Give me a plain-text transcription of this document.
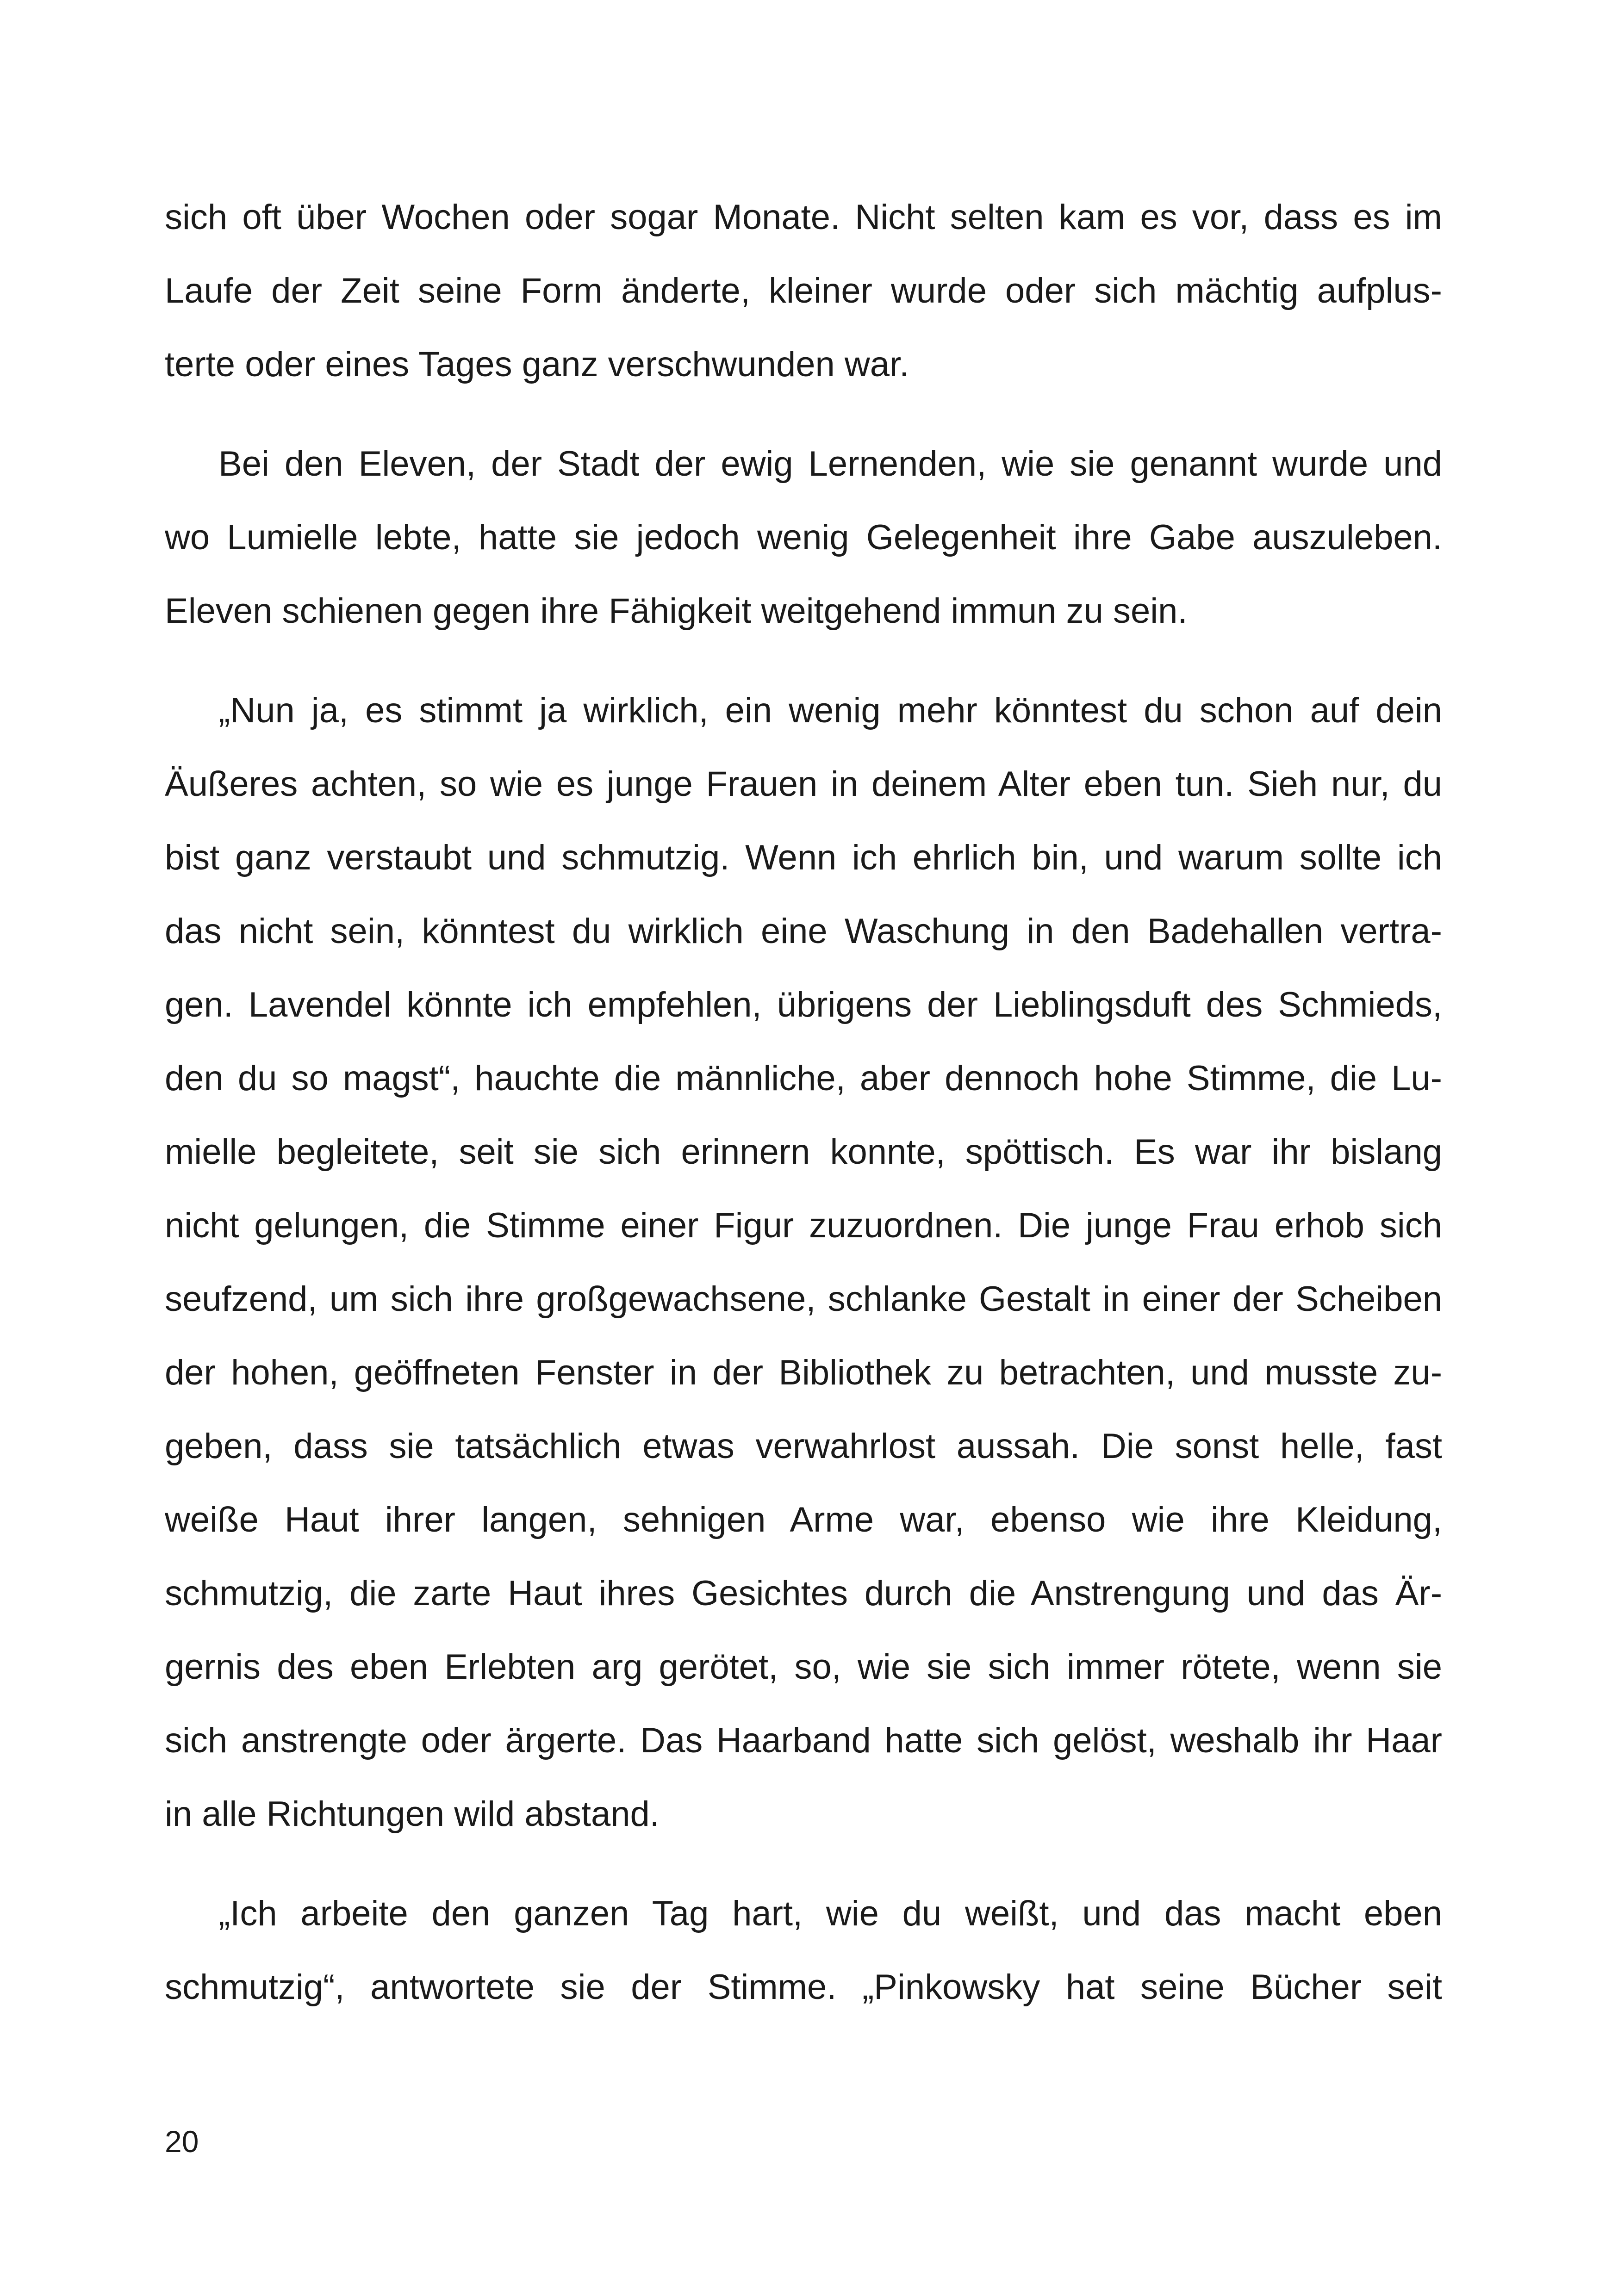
sich oft über Wochen oder sogar Monate. Nicht selten kam es vor, dass es im
Laufe der Zeit seine Form änderte, kleiner wurde oder sich mächtig aufplus-
terte oder eines Tages ganz verschwunden war.
Bei den Eleven, der Stadt der ewig Lernenden, wie sie genannt wurde und
wo Lumielle lebte, hatte sie jedoch wenig Gelegenheit ihre Gabe auszuleben.
Eleven schienen gegen ihre Fähigkeit weitgehend immun zu sein.
„Nun ja, es stimmt ja wirklich, ein wenig mehr könntest du schon auf dein
Äußeres achten, so wie es junge Frauen in deinem Alter eben tun. Sieh nur, du
bist ganz verstaubt und schmutzig. Wenn ich ehrlich bin, und warum sollte ich
das nicht sein, könntest du wirklich eine Waschung in den Badehallen vertra-
gen. Lavendel könnte ich empfehlen, übrigens der Lieblingsduft des Schmieds,
den du so magst“, hauchte die männliche, aber dennoch hohe Stimme, die Lu-
mielle begleitete, seit sie sich erinnern konnte, spöttisch. Es war ihr bislang
nicht gelungen, die Stimme einer Figur zuzuordnen. Die junge Frau erhob sich
seufzend, um sich ihre großgewachsene, schlanke Gestalt in einer der Scheiben
der hohen, geöffneten Fenster in der Bibliothek zu betrachten, und musste zu-
geben, dass sie tatsächlich etwas verwahrlost aussah. Die sonst helle, fast
weiße Haut ihrer langen, sehnigen Arme war, ebenso wie ihre Kleidung,
schmutzig, die zarte Haut ihres Gesichtes durch die Anstrengung und das Är-
gernis des eben Erlebten arg gerötet, so, wie sie sich immer rötete, wenn sie
sich anstrengte oder ärgerte. Das Haarband hatte sich gelöst, weshalb ihr Haar
in alle Richtungen wild abstand.
„Ich arbeite den ganzen Tag hart, wie du weißt, und das macht eben
schmutzig“, antwortete sie der Stimme. „Pinkowsky hat seine Bücher seit
20
